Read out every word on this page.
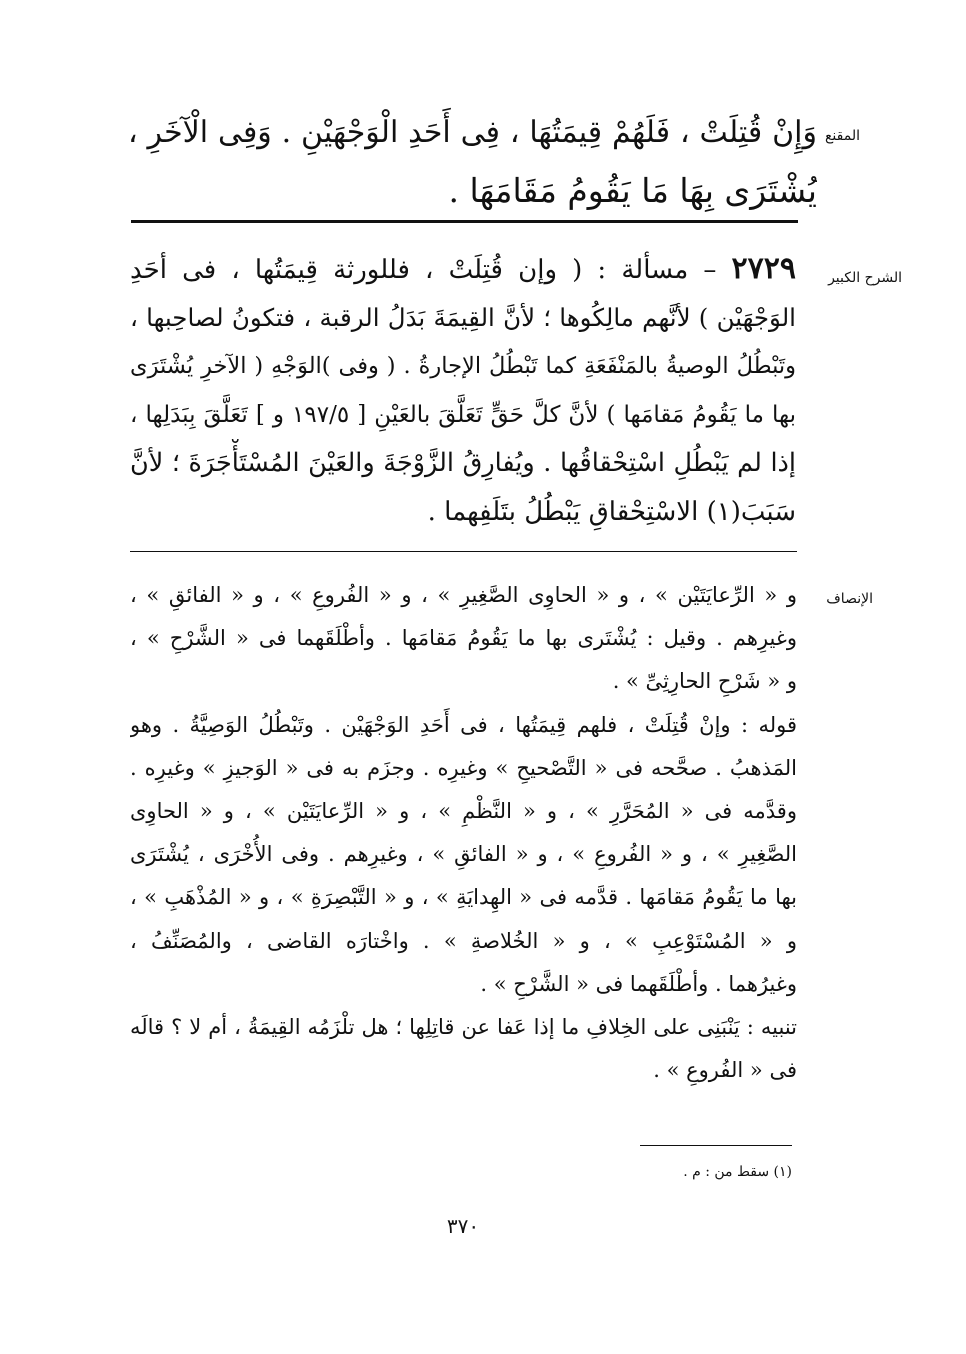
المقنع
الشرح الكبير
الإنصاف
وَإِنْ قُتِلَتْ ، فَلَهُمْ قِيمَتُهَا ، فِى أَحَدِ الْوَجْهَيْنِ . وَفِى الْآخَرِ ،
يُشْتَرَى بِهَا مَا يَقُومُ مَقَامَهَا .
٢٧٢٩ – مسألة : ( وإن قُتِلَتْ ، فللورثة قِيمَتُها ، فى أحَدِ
الوَجْهَيْن ) لأنَّهم مالِكُوها ؛ لأنَّ القِيمَةَ بَدَلُ الرقبة ، فتكونُ لصاحِبها ،
وتَبْطُلُ الوصيةُ بالمَنْفَعَةِ كما تَبْطُلُ الإجارةُ . ( وفى )الوَجْهِ ( الآخرِ يُشْتَرَى
بها ما يَقُومُ مَقامَها ) لأنَّ كلَّ حَقٍّ تَعَلَّقَ بالعَيْنِ [ ١٩٧/٥ و ] تَعَلَّقَ بِبَدَلِها ،
إذا لم يَبْطُلِ اسْتِحْقاقُها . ويُفارِقُ الزَّوْجَةَ والعَيْنَ المُسْتَأْجَرَةَ ؛ لأنَّ
سَبَبَ(١) الاسْتِحْقاقِ يَبْطُلُ بتَلَفِهما .
و « الرِّعايَتَيْن » ، و « الحاوِى الصَّغِيرِ » ، و « الفُروعِ » ، و « الفائقِ » ،
وغيرِهم . وقيل : يُشْتَرى بها ما يَقُومُ مَقامَها . وأطْلَقَهما فى « الشَّرْحِ » ،
و « شَرْحِ الحارِثِىِّ » .
قوله : وإنْ قُتِلَتْ ، فلهم قِيمَتُها ، فى أَحَدِ الوَجْهَيْن . وتَبْطُلُ الوَصِيَّةُ . وهو
المَذهبُ . صحَّحه فى « التَّصْحيحِ » وغيرِه . وجزَم به فى « الوَجيزِ » وغيرِه .
وقدَّمه فى « المُحَرَّرِ » ، و « النَّظْمِ » ، و « الرِّعايَتَيْن » ، و « الحاوِى
الصَّغِيرِ » ، و « الفُروعِ » ، و « الفائقِ » ، وغيرِهم . وفى الأُخْرَى ، يُشْتَرَى
بها ما يَقُومُ مَقامَها . قدَّمه فى « الهِدايَةِ » ، و « التَّبْصِرَةِ » ، و « المُذْهَبِ » ،
و « المُسْتَوْعِبِ » ، و « الخُلاصةِ » . واخْتارَه القاضى ، والمُصَنِّفُ ،
وغيرُهما . وأطْلَقَهما فى « الشَّرْحِ » .
تنبيه : يَنْبَنِى على الخِلافِ ما إذا عَفا عن قاتِلِها ؛ هل تلْزَمُه القِيمَةُ ، أم لا ؟ قالَه
فى « الفُروعِ » .
(١) سقط من : م .
٣٧٠
